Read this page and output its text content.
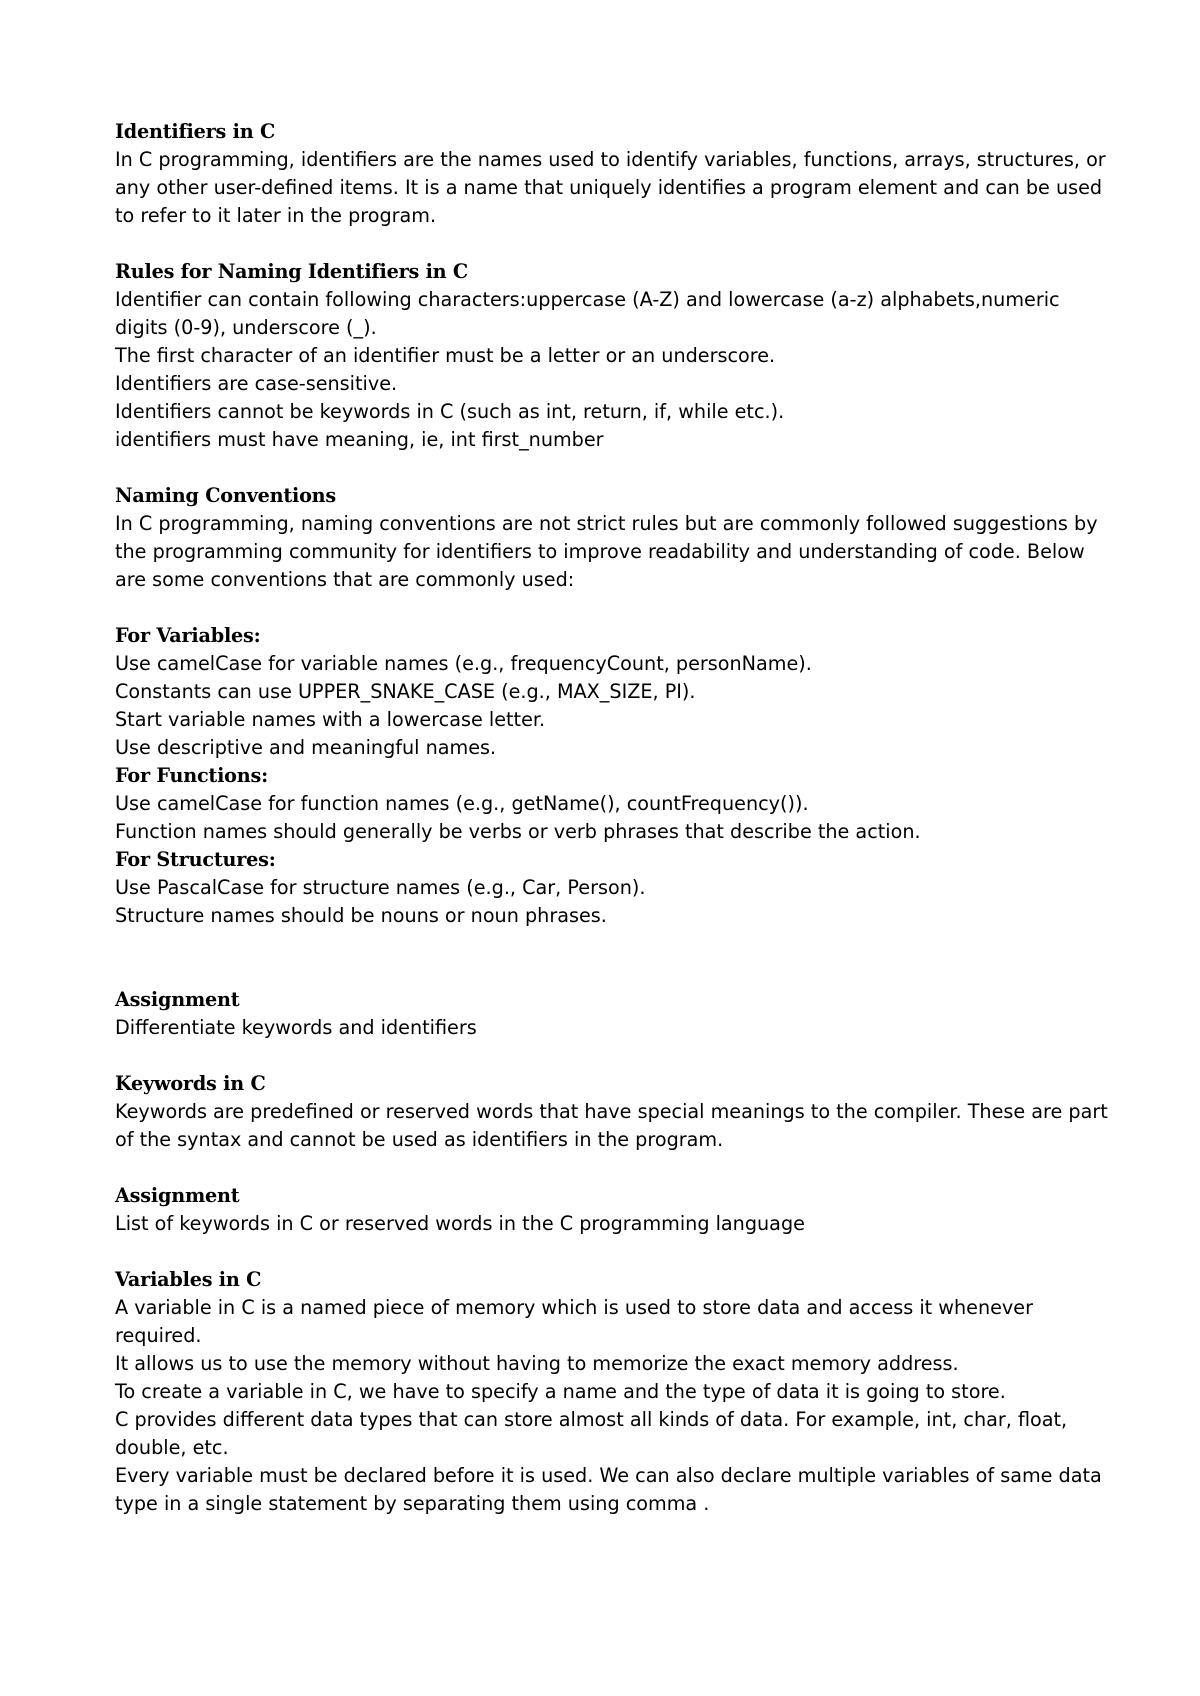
Identifiers in C

In C programming, identifiers are the names used to identify variables, functions, arrays, structures, or any other user-defined items. It is a name that uniquely identifies a program element and can be used to refer to it later in the program.

Rules for Naming Identifiers in C

Identifier can contain following characters:uppercase (A-Z) and lowercase (a-z) alphabets,numeric digits (0-9), underscore (_).

The first character of an identifier must be a letter or an underscore.

Identifiers are case-sensitive.

Identifiers cannot be keywords in C (such as int, return, if, while etc.).

identifiers must have meaning, ie, int first_number

Naming Conventions

In C programming, naming conventions are not strict rules but are commonly followed suggestions by the programming community for identifiers to improve readability and understanding of code. Below are some conventions that are commonly used:

For Variables:

Use camelCase for variable names (e.g., frequencyCount, personName).

Constants can use UPPER_SNAKE_CASE (e.g., MAX_SIZE, PI).

Start variable names with a lowercase letter.

Use descriptive and meaningful names.

For Functions:

Use camelCase for function names (e.g., getName(), countFrequency()).

Function names should generally be verbs or verb phrases that describe the action.

For Structures:

Use PascalCase for structure names (e.g., Car, Person).

Structure names should be nouns or noun phrases.

Assignment

Differentiate keywords and identifiers

Keywords in C

Keywords are predefined or reserved words that have special meanings to the compiler. These are part of the syntax and cannot be used as identifiers in the program.

Assignment

List of keywords in C or reserved words in the C programming language

Variables in C

A variable in C is a named piece of memory which is used to store data and access it whenever required.

It allows us to use the memory without having to memorize the exact memory address.

To create a variable in C, we have to specify a name and the type of data it is going to store.

C provides different data types that can store almost all kinds of data. For example, int, char, float, double, etc.

Every variable must be declared before it is used. We can also declare multiple variables of same data type in a single statement by separating them using comma .
